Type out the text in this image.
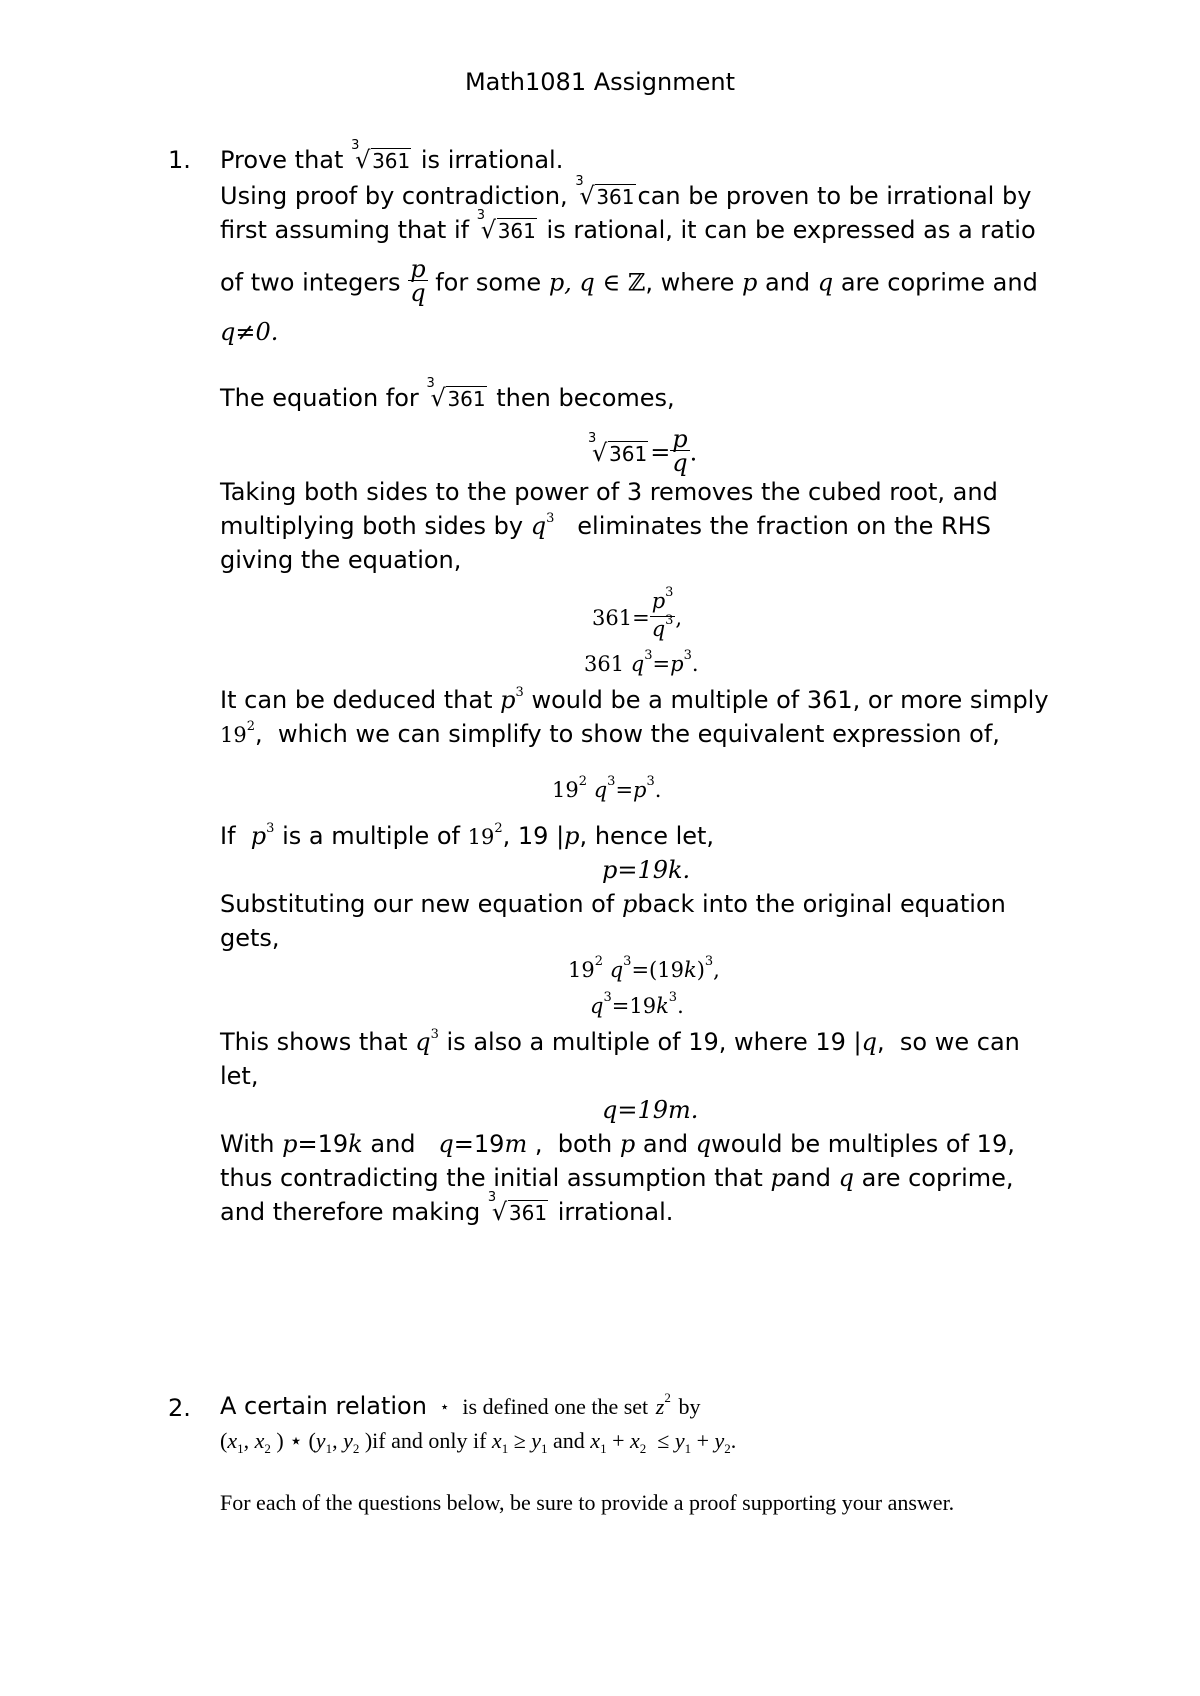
Math1081 Assignment
1. Prove that
3
√ 361 is irrational.
Using proof by contradiction,
3
√ 361 can be proven to be irrational by
first assuming that if
3
√ 361 is rational, it can be expressed as a ratio
of two integers $\frac{p}{q}$ for some p, q ∈ ℤ, where p and q are coprime and
q≠0.
The equation for
3
√ 361 then becomes,
3
√ $361 = \frac{p}{q}$ .
Taking both sides to the power of 3 removes the cubed root, and
multiplying both sides by $q^3$ eliminates the fraction on the RHS
giving the equation,
$361= \frac{p^3}{q^3}$ ,
361 $q^3=p^3$.
It can be deduced that $p^3$ would be a multiple of 361, or more simply
$19^2$,  which we can simplify to show the equivalent expression of,
$19^2$ $q^3=p^3$.
If $p^3$ is a multiple of $19^2$, 19 |p, hence let,
p=19k.
Substituting our new equation of pback into the original equation
gets,
$19^2$ $q^3=(19k)^3$,
$q^3=19k^3$.
This shows that $q^3$ is also a multiple of 19, where 19 |q,  so we can
let,
q=19m.
With p=19k and q=19m ,  both p and qwould be multiples of 19,
thus contradicting the initial assumption that pand q are coprime,
and therefore making
3
√ 361 irrational.
2. A certain relation  ⋆  is defined one the set $z^2$ by
($x_1$, $x_2$ ) ⋆ ($y_1$, $y_2$ )if and only if $x_1 \ge y_1$ and $x_1 + x_2 \le y_1 + y_2$.
For each of the questions below, be sure to provide a proof supporting your answer.
